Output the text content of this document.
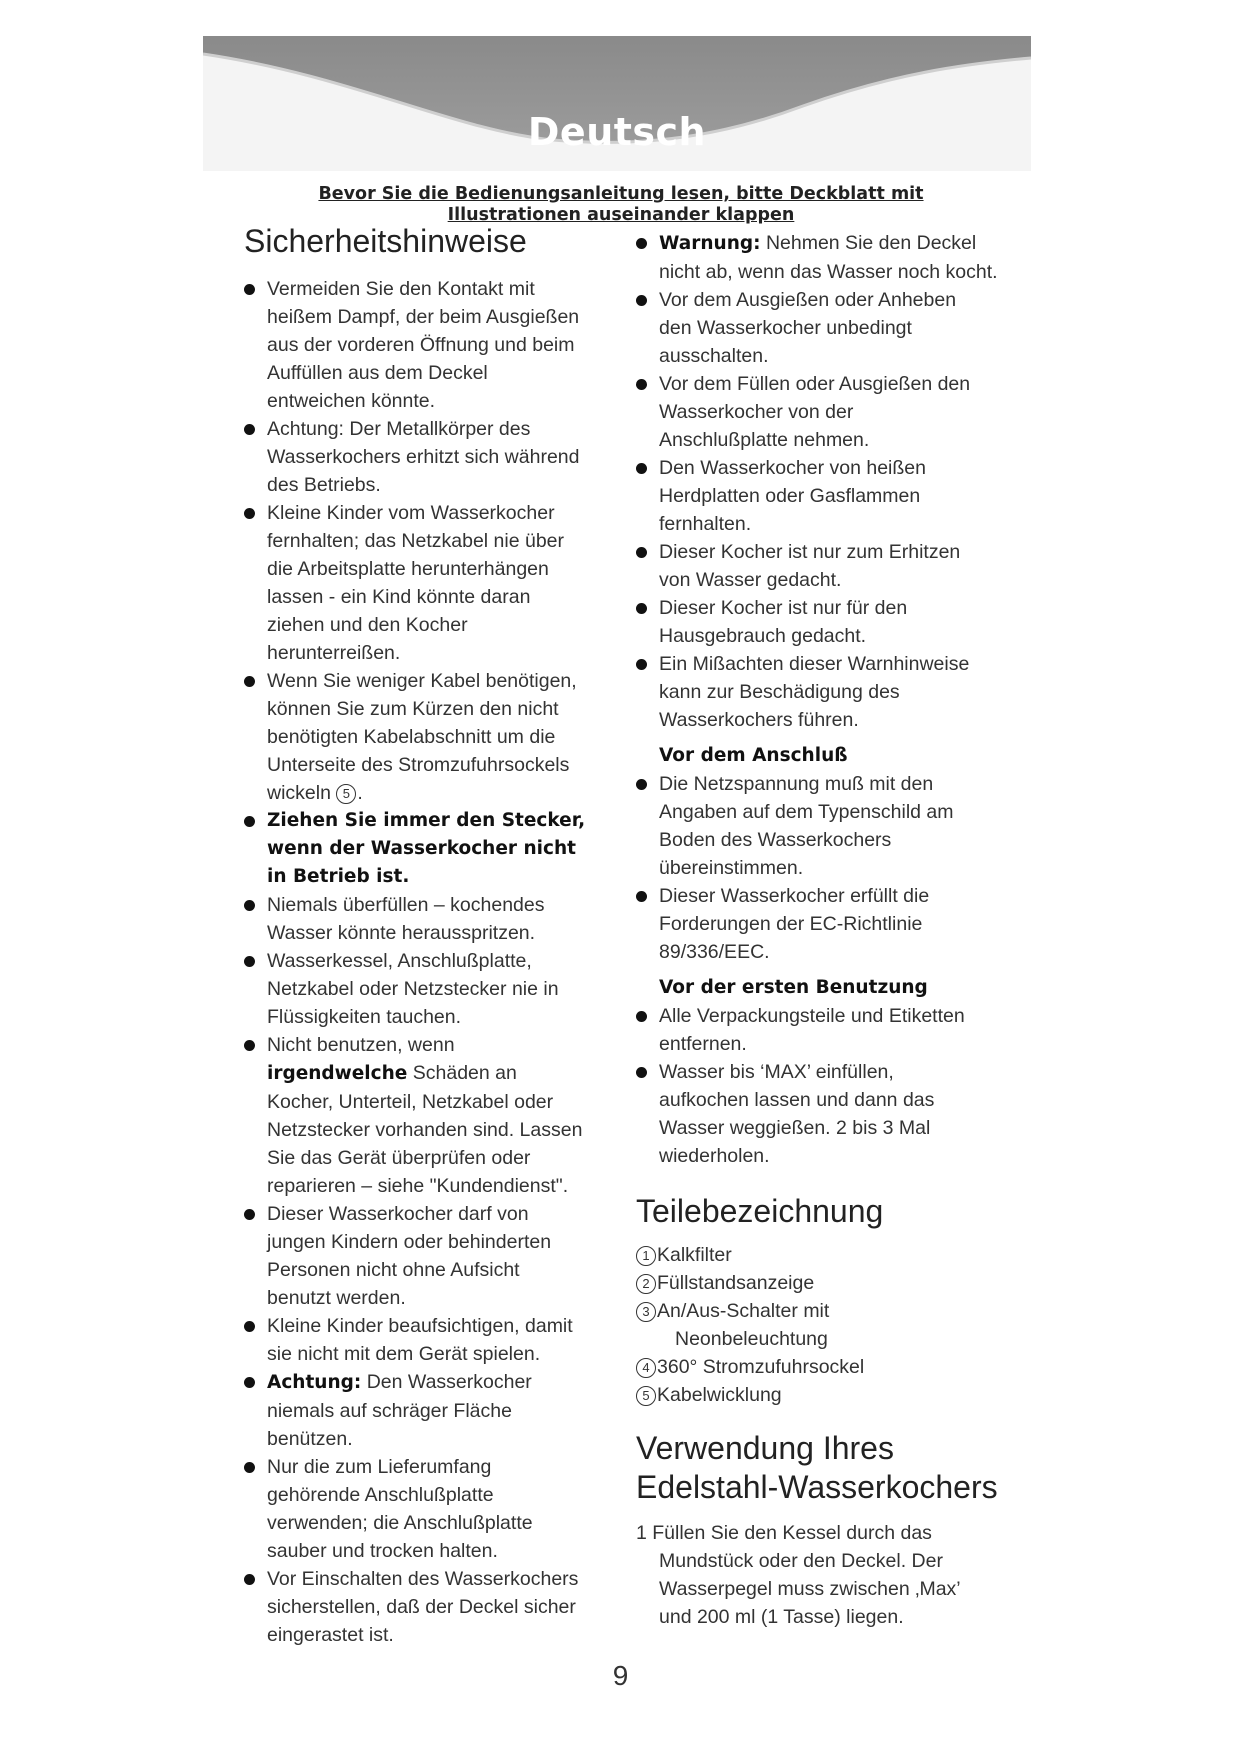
Deutsch
Bevor Sie die Bedienungsanleitung lesen, bitte Deckblatt mit
Illustrationen auseinander klappen
Sicherheitshinweise
Vermeiden Sie den Kontakt mit
heißem Dampf, der beim Ausgießen
aus der vorderen Öffnung und beim
Auffüllen aus dem Deckel
entweichen könnte.
Achtung: Der Metallkörper des
Wasserkochers erhitzt sich während
des Betriebs.
Kleine Kinder vom Wasserkocher
fernhalten; das Netzkabel nie über
die Arbeitsplatte herunterhängen
lassen - ein Kind könnte daran
ziehen und den Kocher
herunterreißen.
Wenn Sie weniger Kabel benötigen,
können Sie zum Kürzen den nicht
benötigten Kabelabschnitt um die
Unterseite des Stromzufuhrsockels
wickeln 5 .
Ziehen Sie immer den Stecker,
wenn der Wasserkocher nicht
in Betrieb ist.
Niemals überfüllen – kochendes
Wasser könnte herausspritzen.
Wasserkessel, Anschlußplatte,
Netzkabel oder Netzstecker nie in
Flüssigkeiten tauchen.
Nicht benutzen, wenn
irgendwelche Schäden an
Kocher, Unterteil, Netzkabel oder
Netzstecker vorhanden sind. Lassen
Sie das Gerät überprüfen oder
reparieren – siehe "Kundendienst".
Dieser Wasserkocher darf von
jungen Kindern oder behinderten
Personen nicht ohne Aufsicht
benutzt werden.
Kleine Kinder beaufsichtigen, damit
sie nicht mit dem Gerät spielen.
Achtung: Den Wasserkocher
niemals auf schräger Fläche
benützen.
Nur die zum Lieferumfang
gehörende Anschlußplatte
verwenden; die Anschlußplatte
sauber und trocken halten.
Vor Einschalten des Wasserkochers
sicherstellen, daß der Deckel sicher
eingerastet ist.
Warnung: Nehmen Sie den Deckel
nicht ab, wenn das Wasser noch kocht.
Vor dem Ausgießen oder Anheben
den Wasserkocher unbedingt
ausschalten.
Vor dem Füllen oder Ausgießen den
Wasserkocher von der
Anschlußplatte nehmen.
Den Wasserkocher von heißen
Herdplatten oder Gasflammen
fernhalten.
Dieser Kocher ist nur zum Erhitzen
von Wasser gedacht.
Dieser Kocher ist nur für den
Hausgebrauch gedacht.
Ein Mißachten dieser Warnhinweise
kann zur Beschädigung des
Wasserkochers führen.
Vor dem Anschluß
Die Netzspannung muß mit den
Angaben auf dem Typenschild am
Boden des Wasserkochers
übereinstimmen.
Dieser Wasserkocher erfüllt die
Forderungen der EC-Richtlinie
89/336/EEC.
Vor der ersten Benutzung
Alle Verpackungsteile und Etiketten
entfernen.
Wasser bis ‘MAX’ einfüllen,
aufkochen lassen und dann das
Wasser weggießen. 2 bis 3 Mal
wiederholen.
Teilebezeichnung
1 Kalkfilter
2 Füllstandsanzeige
3 An/Aus-Schalter mit
Neonbeleuchtung
4 360° Stromzufuhrsockel
5 Kabelwicklung
Verwendung Ihres
Edelstahl-Wasserkochers
1 Füllen Sie den Kessel durch das
Mundstück oder den Deckel. Der
Wasserpegel muss zwischen ‚Max’
und 200 ml (1 Tasse) liegen.
9
